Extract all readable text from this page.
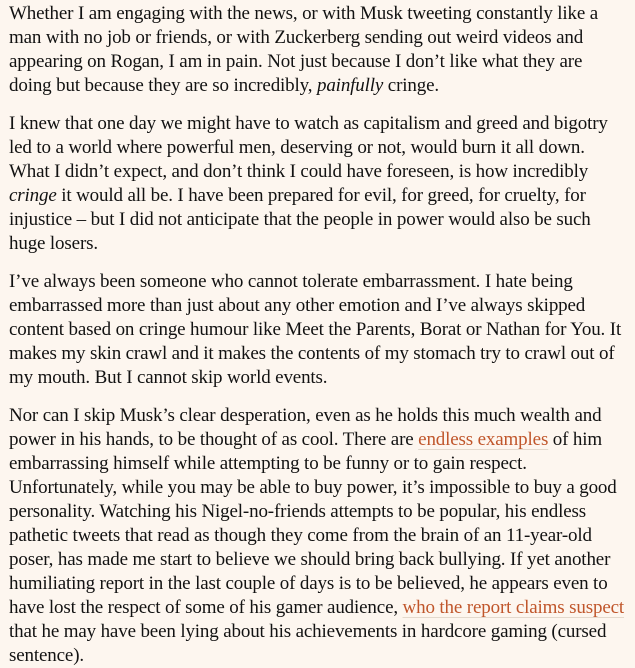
Whether I am engaging with the news, or with Musk tweeting constantly like a man with no job or friends, or with Zuckerberg sending out weird videos and appearing on Rogan, I am in pain. Not just because I don’t like what they are doing but because they are so incredibly, painfully cringe.

I knew that one day we might have to watch as capitalism and greed and bigotry led to a world where powerful men, deserving or not, would burn it all down. What I didn’t expect, and don’t think I could have foreseen, is how incredibly cringe it would all be. I have been prepared for evil, for greed, for cruelty, for injustice – but I did not anticipate that the people in power would also be such huge losers.

I’ve always been someone who cannot tolerate embarrassment. I hate being embarrassed more than just about any other emotion and I’ve always skipped content based on cringe humour like Meet the Parents, Borat or Nathan for You. It makes my skin crawl and it makes the contents of my stomach try to crawl out of my mouth. But I cannot skip world events.

Nor can I skip Musk’s clear desperation, even as he holds this much wealth and power in his hands, to be thought of as cool. There are endless examples of him embarrassing himself while attempting to be funny or to gain respect. Unfortunately, while you may be able to buy power, it’s impossible to buy a good personality. Watching his Nigel-no-friends attempts to be popular, his endless pathetic tweets that read as though they come from the brain of an 11-year-old poser, has made me start to believe we should bring back bullying. If yet another humiliating report in the last couple of days is to be believed, he appears even to have lost the respect of some of his gamer audience, who the report claims suspect that he may have been lying about his achievements in hardcore gaming (cursed sentence).
